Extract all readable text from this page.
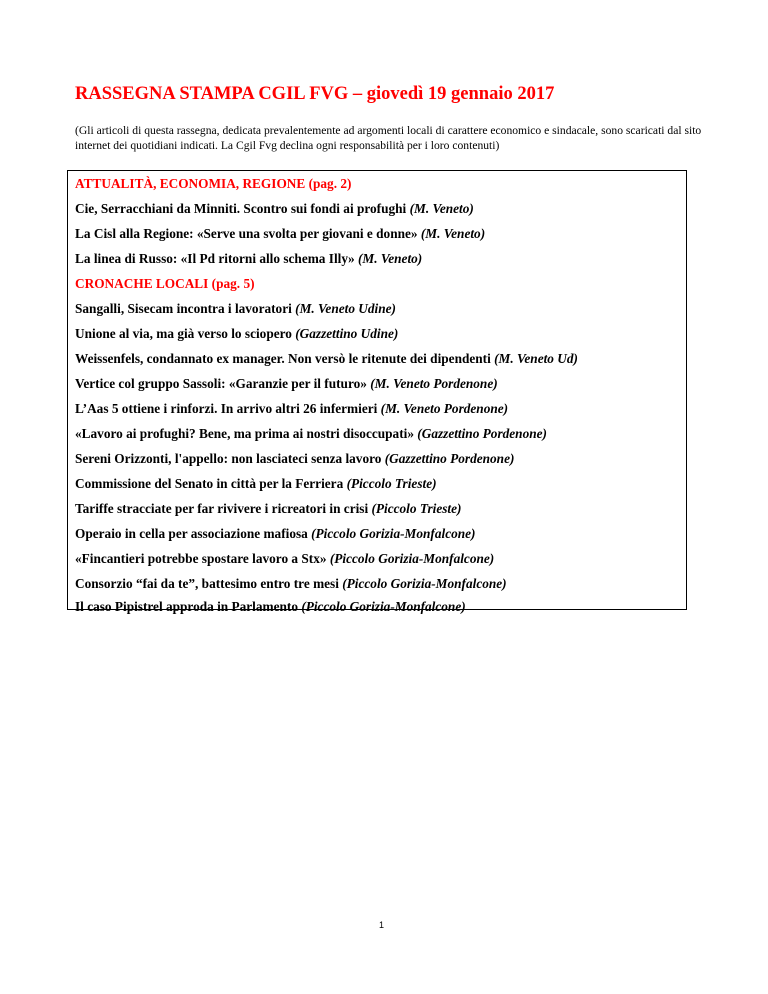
RASSEGNA STAMPA CGIL FVG – giovedì 19 gennaio 2017

(Gli articoli di questa rassegna, dedicata prevalentemente ad argomenti locali di carattere economico e sindacale, sono scaricati dal sito internet dei quotidiani indicati. La Cgil Fvg declina ogni responsabilità per i loro contenuti)

ATTUALITÀ, ECONOMIA, REGIONE (pag. 2)
Cie, Serracchiani da Minniti. Scontro sui fondi ai profughi (M. Veneto)
La Cisl alla Regione: «Serve una svolta per giovani e donne» (M. Veneto)
La linea di Russo: «Il Pd ritorni allo schema Illy» (M. Veneto)
CRONACHE LOCALI (pag. 5)
Sangalli, Sisecam incontra i lavoratori (M. Veneto Udine)
Unione al via, ma già verso lo sciopero (Gazzettino Udine)
Weissenfels, condannato ex manager. Non versò le ritenute dei dipendenti (M. Veneto Ud)
Vertice col gruppo Sassoli: «Garanzie per il futuro» (M. Veneto Pordenone)
L’Aas 5 ottiene i rinforzi. In arrivo altri 26 infermieri (M. Veneto Pordenone)
«Lavoro ai profughi? Bene, ma prima ai nostri disoccupati» (Gazzettino Pordenone)
Sereni Orizzonti, l'appello: non lasciateci senza lavoro (Gazzettino Pordenone)
Commissione del Senato in città per la Ferriera (Piccolo Trieste)
Tariffe stracciate per far rivivere i ricreatori in crisi (Piccolo Trieste)
Operaio in cella per associazione mafiosa (Piccolo Gorizia-Monfalcone)
«Fincantieri potrebbe spostare lavoro a Stx» (Piccolo Gorizia-Monfalcone)
Consorzio “fai da te”, battesimo entro tre mesi (Piccolo Gorizia-Monfalcone)
Il caso Pipistrel approda in Parlamento (Piccolo Gorizia-Monfalcone)
1
